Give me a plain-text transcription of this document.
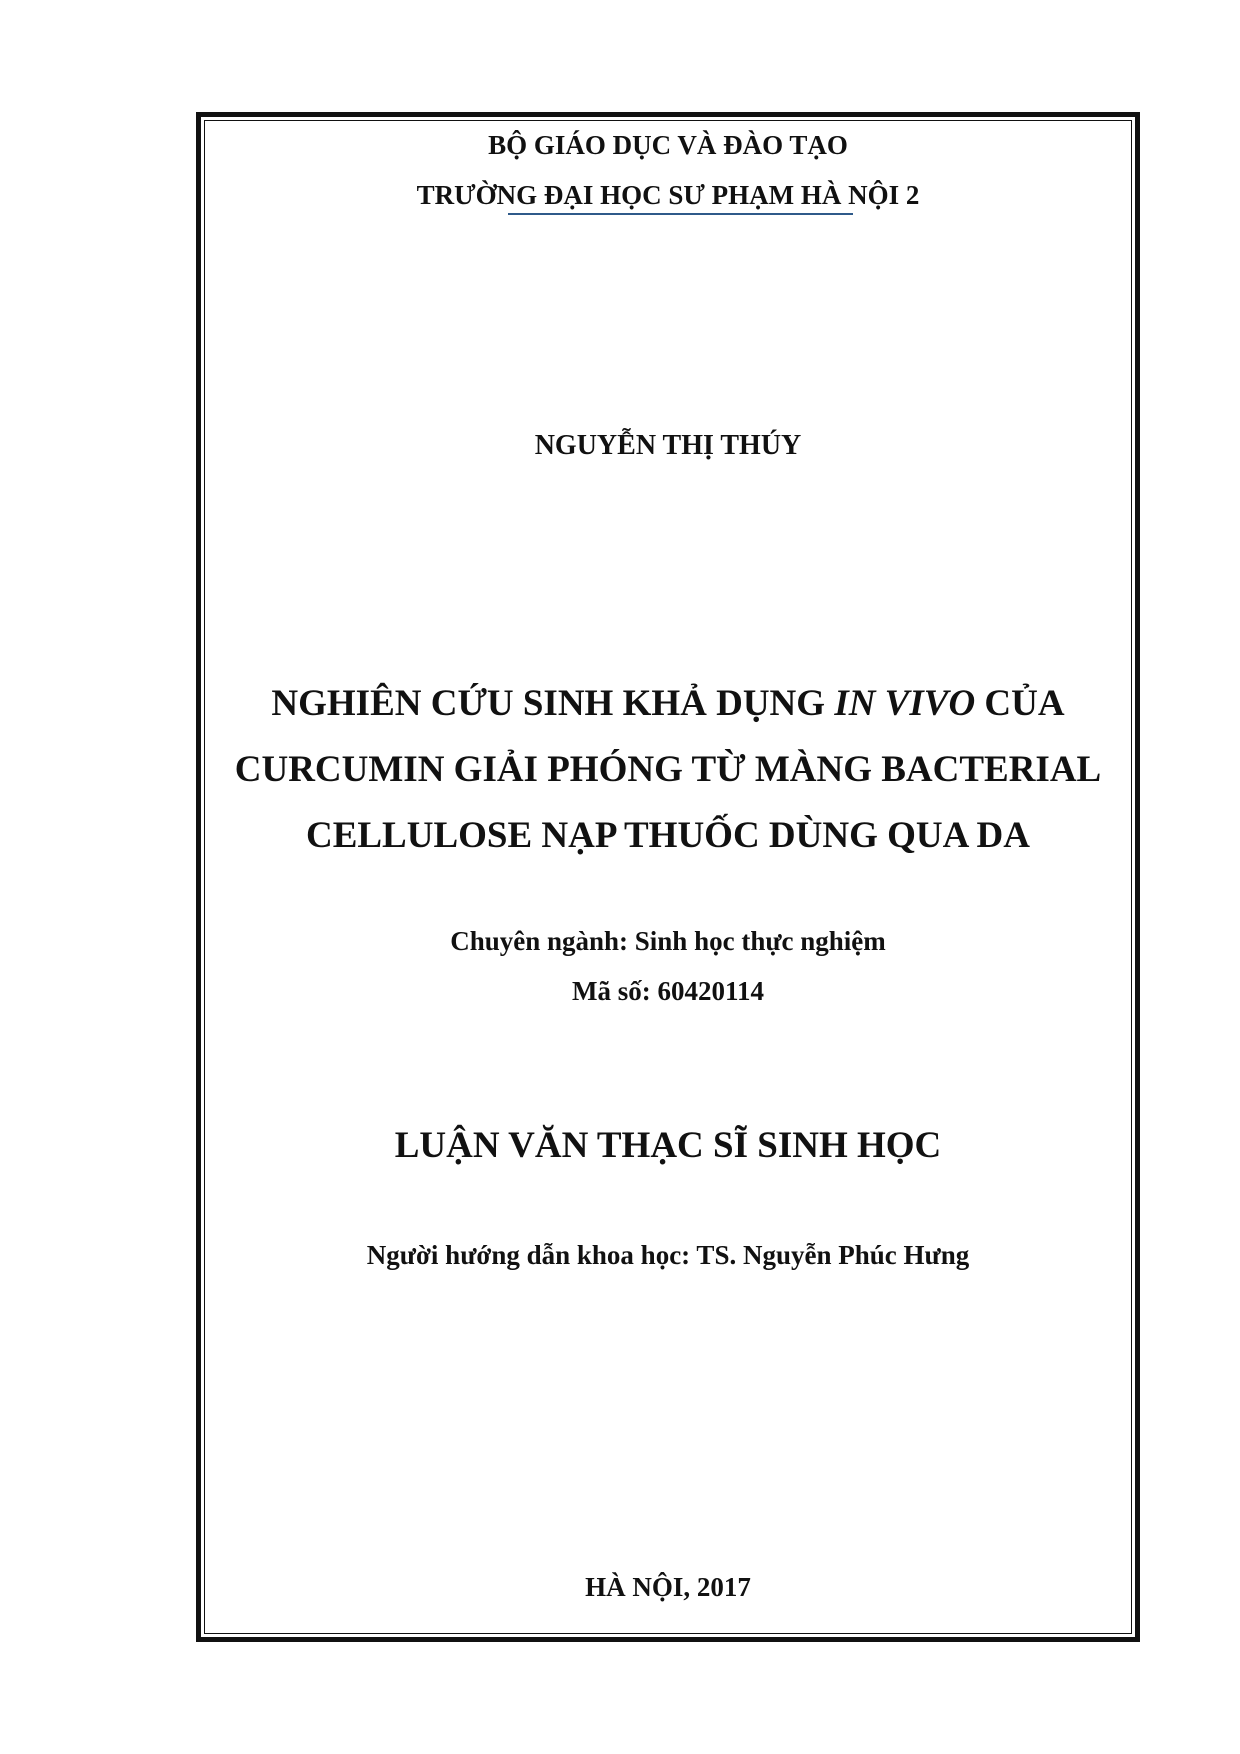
BỘ GIÁO DỤC VÀ ĐÀO TẠO
TRƯỜNG ĐẠI HỌC SƯ PHẠM HÀ NỘI 2
NGUYỄN THỊ THÚY
NGHIÊN CỨU SINH KHẢ DỤNG IN VIVO CỦA
CURCUMIN GIẢI PHÓNG TỪ MÀNG BACTERIAL
CELLULOSE NẠP THUỐC DÙNG QUA DA
Chuyên ngành: Sinh học thực nghiệm
Mã số: 60420114
LUẬN VĂN THẠC SĨ SINH HỌC
Người hướng dẫn khoa học: TS. Nguyễn Phúc Hưng
HÀ NỘI, 2017
